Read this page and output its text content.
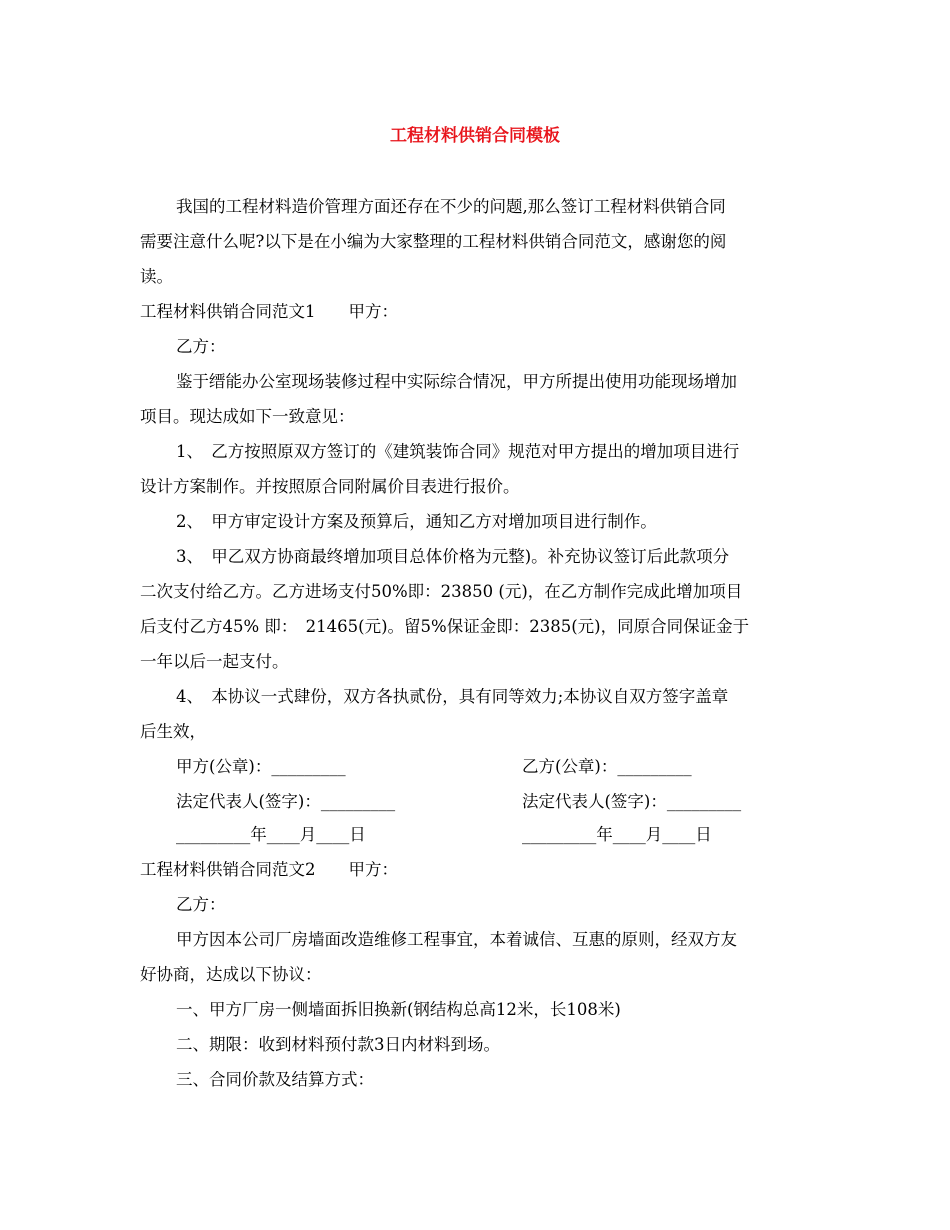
工程材料供销合同模板
我国的工程材料造价管理方面还存在不少的问题,那么签订工程材料供销合同
需要注意什么呢?以下是在小编为大家整理的工程材料供销合同范文，感谢您的阅
读。
工程材料供销合同范文1　　甲方：
乙方：
鉴于缙能办公室现场装修过程中实际综合情况，甲方所提出使用功能现场增加
项目。现达成如下一致意见：
1、　乙方按照原双方签订的《建筑装饰合同》规范对甲方提出的增加项目进行
设计方案制作。并按照原合同附属价目表进行报价。
2、　甲方审定设计方案及预算后，通知乙方对增加项目进行制作。
3、　甲乙双方协商最终增加项目总体价格为元整)。补充协议签订后此款项分
二次支付给乙方。乙方进场支付50%即：23850 (元)，在乙方制作完成此增加项目
后支付乙方45% 即：　21465(元)。留5%保证金即：2385(元)，同原合同保证金于
一年以后一起支付。
4、　本协议一式肆份，双方各执贰份，具有同等效力;本协议自双方签字盖章
后生效，
甲方(公章)：_________	乙方(公章)：_________
法定代表人(签字)：_________	法定代表人(签字)：_________
_________年____月____日	_________年____月____日
工程材料供销合同范文2　　甲方：
乙方：
甲方因本公司厂房墙面改造维修工程事宜，本着诚信、互惠的原则，经双方友
好协商，达成以下协议：
一、甲方厂房一侧墙面拆旧换新(钢结构总高12米，长108米)
二、期限：收到材料预付款3日内材料到场。
三、合同价款及结算方式：
